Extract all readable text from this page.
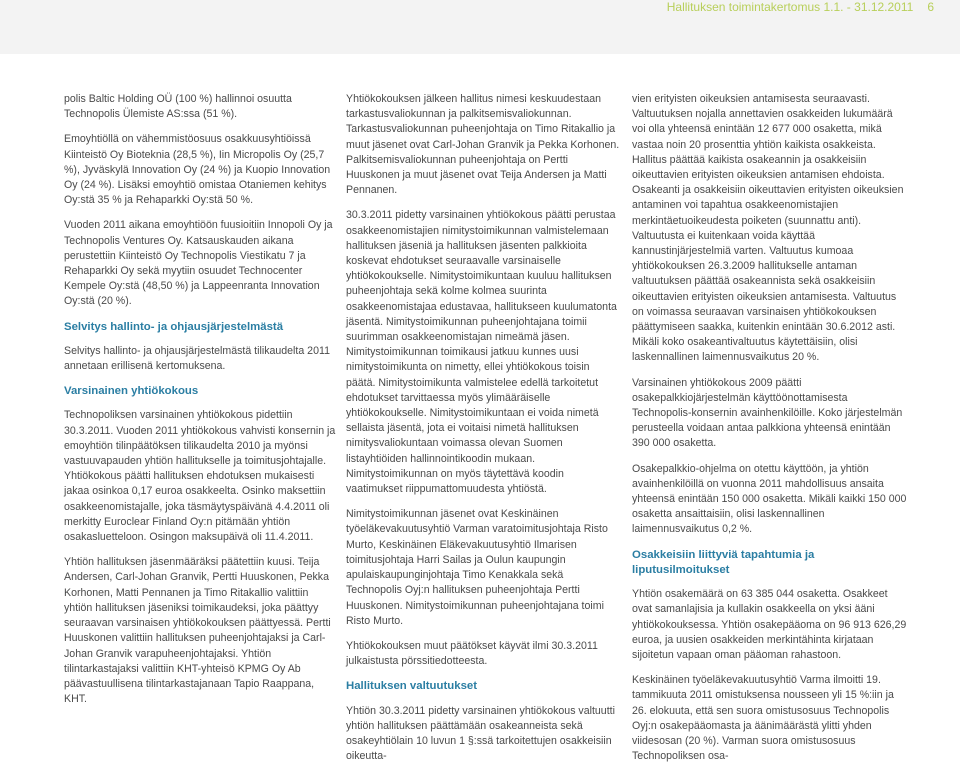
Hallituksen toimintakertomus 1.1. - 31.12.2011 6

polis Baltic Holding OÜ (100 %) hallinnoi osuutta Technopolis Ülemiste AS:ssa (51 %).

Emoyhtiöllä on vähemmistöosuus osakkuusyhtiöissä Kiinteistö Oy Bioteknia (28,5 %), Iin Micropolis Oy (25,7 %), Jyväskylä Innovation Oy (24 %) ja Kuopio Innovation Oy (24 %). Lisäksi emoyhtiö omistaa Otaniemen kehitys Oy:stä 35 % ja Rehaparkki Oy:stä 50 %.

Vuoden 2011 aikana emoyhtiöön fuusioitiin Innopoli Oy ja Technopolis Ventures Oy. Katsauskauden aikana perustettiin Kiinteistö Oy Technopolis Viestikatu 7 ja Rehaparkki Oy sekä myytiin osuudet Technocenter Kempele Oy:stä (48,50 %) ja Lappeenranta Innovation Oy:stä (20 %).

Selvitys hallinto- ja ohjausjärjestelmästä

Selvitys hallinto- ja ohjausjärjestelmästä tilikaudelta 2011 annetaan erillisenä kertomuksena.

Varsinainen yhtiökokous

Technopoliksen varsinainen yhtiökokous pidettiin 30.3.2011. Vuoden 2011 yhtiökokous vahvisti konsernin ja emoyhtiön tilinpäätöksen tilikaudelta 2010 ja myönsi vastuuvapauden yhtiön hallitukselle ja toimitusjohtajalle. Yhtiökokous päätti hallituksen ehdotuksen mukaisesti jakaa osinkoa 0,17 euroa osakkeelta. Osinko maksettiin osakkeenomistajalle, joka täsmäytyspäivänä 4.4.2011 oli merkitty Euroclear Finland Oy:n pitämään yhtiön osakasluetteloon. Osingon maksupäivä oli 11.4.2011.

Yhtiön hallituksen jäsenmääräksi päätettiin kuusi. Teija Andersen, Carl-Johan Granvik, Pertti Huuskonen, Pekka Korhonen, Matti Pennanen ja Timo Ritakallio valittiin yhtiön hallituksen jäseniksi toimikaudeksi, joka päättyy seuraavan varsinaisen yhtiökokouksen päättyessä. Pertti Huuskonen valittiin hallituksen puheenjohtajaksi ja Carl-Johan Granvik varapuheenjohtajaksi. Yhtiön tilintarkastajaksi valittiin KHT-yhteisö KPMG Oy Ab päävastuullisena tilintarkastajanaan Tapio Raappana, KHT.

Yhtiökokouksen jälkeen hallitus nimesi keskuudestaan tarkastusvaliokunnan ja palkitsemisvaliokunnan. Tarkastusvaliokunnan puheenjohtaja on Timo Ritakallio ja muut jäsenet ovat Carl-Johan Granvik ja Pekka Korhonen. Palkitsemisvaliokunnan puheenjohtaja on Pertti Huuskonen ja muut jäsenet ovat Teija Andersen ja Matti Pennanen.

30.3.2011 pidetty varsinainen yhtiökokous päätti perustaa osakkeenomistajien nimitystoimikunnan valmistelemaan hallituksen jäseniä ja hallituksen jäsenten palkkioita koskevat ehdotukset seuraavalle varsinaiselle yhtiökokoukselle. Nimitystoimikuntaan kuuluu hallituksen puheenjohtaja sekä kolme kolmea suurinta osakkeenomistajaa edustavaa, hallitukseen kuulumatonta jäsentä. Nimitystoimikunnan puheenjohtajana toimii suurimman osakkeenomistajan nimeämä jäsen. Nimitystoimikunnan toimikausi jatkuu kunnes uusi nimitystoimikunta on nimetty, ellei yhtiökokous toisin päätä. Nimitystoimikunta valmistelee edellä tarkoitetut ehdotukset tarvittaessa myös ylimääräiselle yhtiökokoukselle. Nimitystoimikuntaan ei voida nimetä sellaista jäsentä, jota ei voitaisi nimetä hallituksen nimitysvaliokuntaan voimassa olevan Suomen listayhtiöiden hallinnointikoodin mukaan. Nimitystoimikunnan on myös täytettävä koodin vaatimukset riippumattomuudesta yhtiöstä.

Nimitystoimikunnan jäsenet ovat Keskinäinen työeläkevakuutusyhtiö Varman varatoimitusjohtaja Risto Murto, Keskinäinen Eläkevakuutusyhtiö Ilmarisen toimitusjohtaja Harri Sailas ja Oulun kaupungin apulaiskaupunginjohtaja Timo Kenakkala sekä Technopolis Oyj:n hallituksen puheenjohtaja Pertti Huuskonen. Nimitystoimikunnan puheenjohtajana toimi Risto Murto.

Yhtiökokouksen muut päätökset käyvät ilmi 30.3.2011 julkaistusta pörssitiedotteesta.

Hallituksen valtuutukset

Yhtiön 30.3.2011 pidetty varsinainen yhtiökokous valtuutti yhtiön hallituksen päättämään osakeanneista sekä osakeyhtiölain 10 luvun 1 §:ssä tarkoitettujen osakkeisiin oikeutta-

vien erityisten oikeuksien antamisesta seuraavasti. Valtuutuksen nojalla annettavien osakkeiden lukumäärä voi olla yhteensä enintään 12 677 000 osaketta, mikä vastaa noin 20 prosenttia yhtiön kaikista osakkeista. Hallitus päättää kaikista osakeannin ja osakkeisiin oikeuttavien erityisten oikeuksien antamisen ehdoista. Osakeanti ja osakkeisiin oikeuttavien erityisten oikeuksien antaminen voi tapahtua osakkeenomistajien merkintäetuoikeudesta poiketen (suunnattu anti). Valtuutusta ei kuitenkaan voida käyttää kannustinjärjestelmiä varten. Valtuutus kumoaa yhtiökokouksen 26.3.2009 hallitukselle antaman valtuutuksen päättää osakeannista sekä osakkeisiin oikeuttavien erityisten oikeuksien antamisesta. Valtuutus on voimassa seuraavan varsinaisen yhtiökokouksen päättymiseen saakka, kuitenkin enintään 30.6.2012 asti. Mikäli koko osakeantivaltuutus käytettäisiin, olisi laskennallinen laimennusvaikutus 20 %.

Varsinainen yhtiökokous 2009 päätti osakepalkkiojärjestelmän käyttöönottamisesta Technopolis-konsernin avainhenkilöille. Koko järjestelmän perusteella voidaan antaa palkkiona yhteensä enintään 390 000 osaketta.

Osakepalkkio-ohjelma on otettu käyttöön, ja yhtiön avainhenkilöillä on vuonna 2011 mahdollisuus ansaita yhteensä enintään 150 000 osaketta. Mikäli kaikki 150 000 osaketta ansaittaisiin, olisi laskennallinen laimennusvaikutus 0,2 %.

Osakkeisiin liittyviä tapahtumia ja liputusilmoitukset

Yhtiön osakemäärä on 63 385 044 osaketta. Osakkeet ovat samanlajisia ja kullakin osakkeella on yksi ääni yhtiökokouksessa. Yhtiön osakepääoma on 96 913 626,29 euroa, ja uusien osakkeiden merkintähinta kirjataan sijoitetun vapaan oman pääoman rahastoon.

Keskinäinen työeläkevakuutusyhtiö Varma ilmoitti 19. tammikuuta 2011 omistuksensa nousseen yli 15 %:iin ja 26. elokuuta, että sen suora omistusosuus Technopolis Oyj:n osakepääomasta ja äänimäärästä ylitti yhden viidesosan (20 %). Varman suora omistusosuus Technopoliksen osa-
